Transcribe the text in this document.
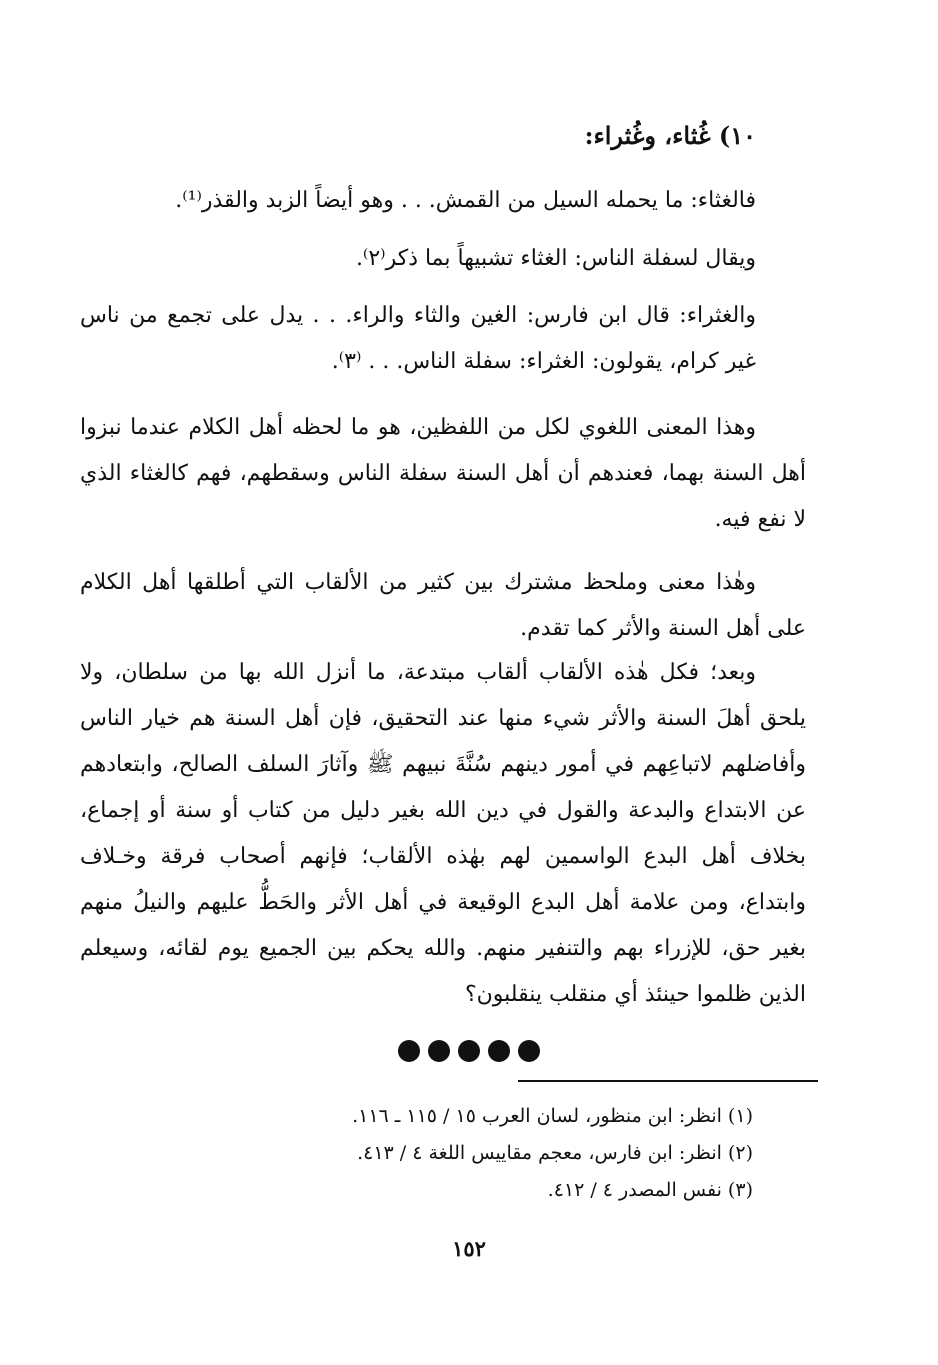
١٠) غُثاء، وغُثراء:
فالغثاء: ما يحمله السيل من القمش. . . وهو أيضاً الزبد والقذر⁽¹⁾.
ويقال لسفلة الناس: الغثاء تشبيهاً بما ذكر⁽٢⁾.
والغثراء: قال ابن فارس: الغين والثاء والراء. . . يدل على تجمع من ناس غير كرام، يقولون: الغثراء: سفلة الناس. . . ⁽٣⁾.
وهذا المعنى اللغوي لكل من اللفظين، هو ما لحظه أهل الكلام عندما نبزوا أهل السنة بهما، فعندهم أن أهل السنة سفلة الناس وسقطهم، فهم كالغثاء الذي لا نفع فيه.
وهٰذا معنى وملحظ مشترك بين كثير من الألقاب التي أطلقها أهل الكلام على أهل السنة والأثر كما تقدم.
وبعد؛ فكل هٰذه الألقاب ألقاب مبتدعة، ما أنزل الله بها من سلطان، ولا يلحق أهلَ السنة والأثر شيء منها عند التحقيق، فإن أهل السنة هم خيار الناس وأفاضلهم لاتباعِهم في أمور دينهم سُنَّةَ نبيهم ﷺ وآثارَ السلف الصالح، وابتعادهم عن الابتداع والبدعة والقول في دين الله بغير دليل من كتاب أو سنة أو إجماع، بخلاف أهل البدع الواسمين لهم بهٰذه الألقاب؛ فإنهم أصحاب فرقة وخـلاف وابتداع، ومن علامة أهل البدع الوقيعة في أهل الأثر والحَطُّ عليهم والنيلُ منهم بغير حق، للإزراء بهم والتنفير منهم. والله يحكم بين الجميع يوم لقائه، وسيعلم الذين ظلموا حينئذ أي منقلب ينقلبون؟
(١) انظر: ابن منظور، لسان العرب ١٥ / ١١٥ ـ ١١٦.
(٢) انظر: ابن فارس، معجم مقاييس اللغة ٤ / ٤١٣.
(٣) نفس المصدر ٤ / ٤١٢.
١٥٢
